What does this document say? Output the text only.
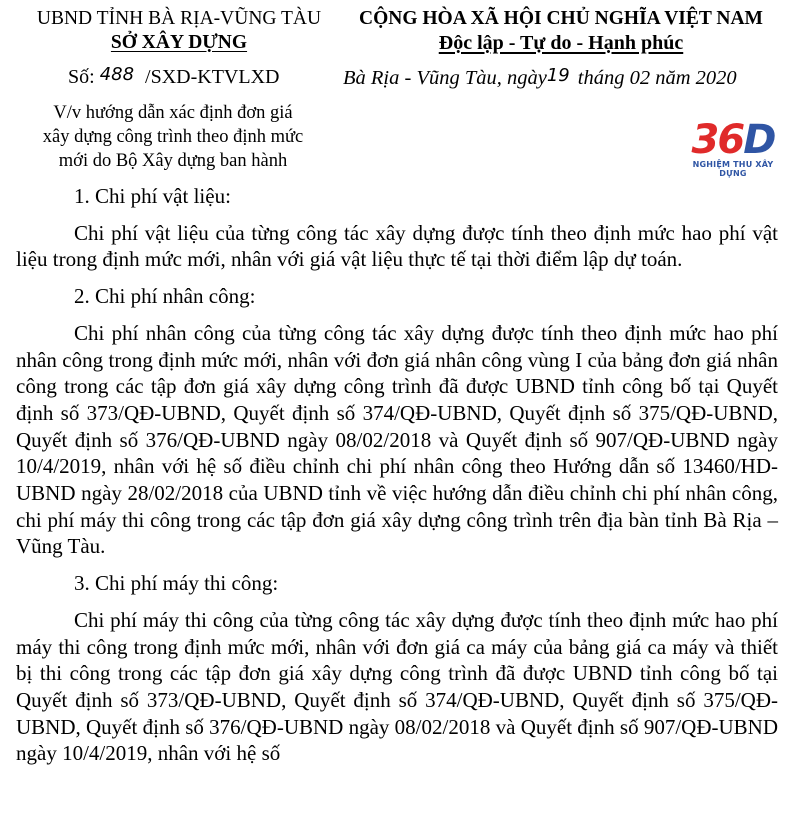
UBND TỈNH BÀ RỊA-VŨNG TÀU
SỞ XÂY DỰNG
Số: 488 /SXD-KTVLXD
V/v hướng dẫn xác định đơn giá
xây dựng công trình theo định mức
mới do Bộ Xây dựng ban hành
CỘNG HÒA XÃ HỘI CHỦ NGHĨA VIỆT NAM
Độc lập - Tự do - Hạnh phúc
Bà Rịa - Vũng Tàu, ngày19 tháng 02 năm 2020
36D
NGHIỆM THU XÂY DỰNG

1. Chi phí vật liệu:

Chi phí vật liệu của từng công tác xây dựng được tính theo định mức hao phí vật liệu trong định mức mới, nhân với giá vật liệu thực tế tại thời điểm lập dự toán.

2. Chi phí nhân công:

Chi phí nhân công của từng công tác xây dựng được tính theo định mức hao phí nhân công trong định mức mới, nhân với đơn giá nhân công vùng I của bảng đơn giá nhân công trong các tập đơn giá xây dựng công trình đã được UBND tỉnh công bố tại Quyết định số 373/QĐ-UBND, Quyết định số 374/QĐ-UBND, Quyết định số 375/QĐ-UBND, Quyết định số 376/QĐ-UBND ngày 08/02/2018 và Quyết định số 907/QĐ-UBND ngày 10/4/2019, nhân với hệ số điều chỉnh chi phí nhân công theo Hướng dẫn số 13460/HD-UBND ngày 28/02/2018 của UBND tỉnh về việc hướng dẫn điều chỉnh chi phí nhân công, chi phí máy thi công trong các tập đơn giá xây dựng công trình trên địa bàn tỉnh Bà Rịa – Vũng Tàu.

3. Chi phí máy thi công:

Chi phí máy thi công của từng công tác xây dựng được tính theo định mức hao phí máy thi công trong định mức mới, nhân với đơn giá ca máy của bảng giá ca máy và thiết bị thi công trong các tập đơn giá xây dựng công trình đã được UBND tỉnh công bố tại Quyết định số 373/QĐ-UBND, Quyết định số 374/QĐ-UBND, Quyết định số 375/QĐ-UBND, Quyết định số 376/QĐ-UBND ngày 08/02/2018 và Quyết định số 907/QĐ-UBND ngày 10/4/2019, nhân với hệ số
